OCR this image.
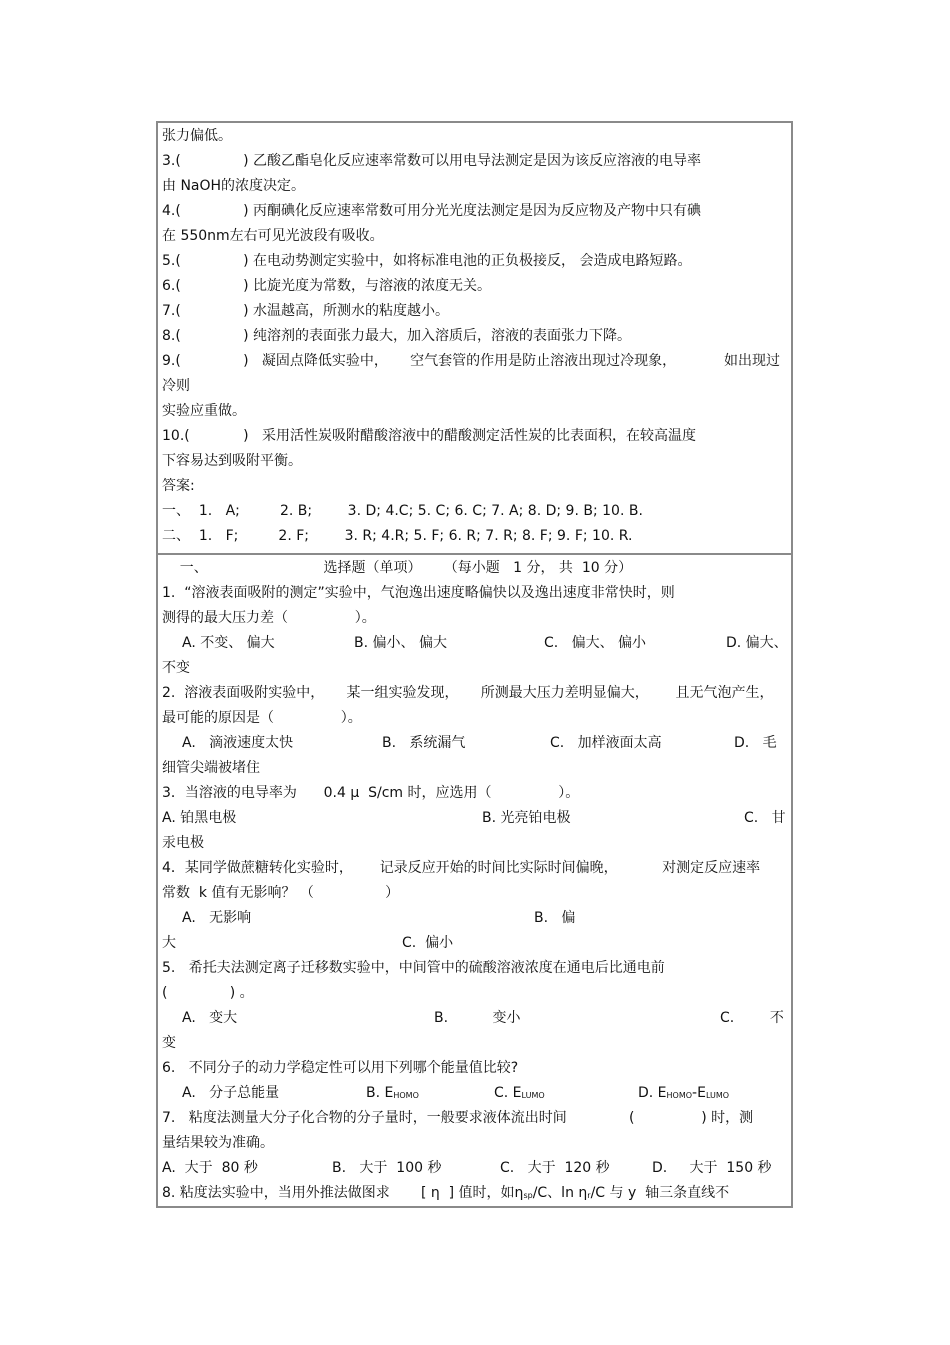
张力偏低。
3.(              ) 乙酸乙酯皂化反应速率常数可以用电导法测定是因为该反应溶液的电导率
由 NaOH的浓度决定。
4.(              ) 丙酮碘化反应速率常数可用分光光度法测定是因为反应物及产物中只有碘
在 550nm左右可见光波段有吸收。
5.(              ) 在电动势测定实验中，如将标准电池的正负极接反， 会造成电路短路。
6.(              ) 比旋光度为常数，与溶液的浓度无关。
7.(              ) 水温越高，所测水的粘度越小。
8.(              ) 纯溶剂的表面张力最大，加入溶质后，溶液的表面张力下降。
9.(              )   凝固点降低实验中，     空气套管的作用是防止溶液出现过冷现象，	如出现过
冷则
实验应重做。
10.(            )   采用活性炭吸附醋酸溶液中的醋酸测定活性炭的比表面积，在较高温度
下容易达到吸附平衡。
答案:
一、  1.   A;         2. B;        3. D; 4.C; 5. C; 6. C; 7. A; 8. D; 9. B; 10. B.
二、  1.   F;         2. F;        3. R; 4.R; 5. F; 6. R; 7. R; 8. F; 9. F; 10. R.
一、                          选择题（单项）     （每小题   1 分， 共  10 分）
1.  “溶液表面吸附的测定”实验中，气泡逸出速度略偏快以及逸出速度非常快时，则
测得的最大压力差（               ）。
A. 不变、 偏大	B. 偏小、 偏大	C.   偏大、 偏小	D. 偏大、
不变
2.  溶液表面吸附实验中，     某一组实验发现，     所测最大压力差明显偏大，      且无气泡产生，
最可能的原因是（               ）。
A.   滴液速度太快	B.   系统漏气	C.   加样液面太高	D.   毛
细管尖端被堵住
3．当溶液的电导率为      0.4 μ  S/cm 时，应选用（               ）。
A. 铂黑电极	B. 光亮铂电极	C.   甘
汞电极
4．某同学做蔗糖转化实验时，      记录反应开始的时间比实际时间偏晚，          对测定反应速率
常数  k 值有无影响？ （                ）
A.   无影响	B.   偏
大	C.  偏小
5.   希托夫法测定离子迁移数实验中，中间管中的硫酸溶液浓度在通电后比通电前
(              ) 。
A.   变大	B.          变小	C.        不
变
6.   不同分子的动力学稳定性可以用下列哪个能量值比较?
A.   分子总能量	B. EHOMO	C. ELUMO	D. EHOMO-ELUMO
7.   粘度法测量大分子化合物的分子量时，一般要求液体流出时间              (               ) 时，测
量结果较为准确。
A.  大于  80 秒	B.   大于  100 秒	C.   大于  120 秒	D.     大于  150 秒
8. 粘度法实验中，当用外推法做图求       [ η  ] 值时，如ηsp/C、ln ηr/C 与 y  轴三条直线不
